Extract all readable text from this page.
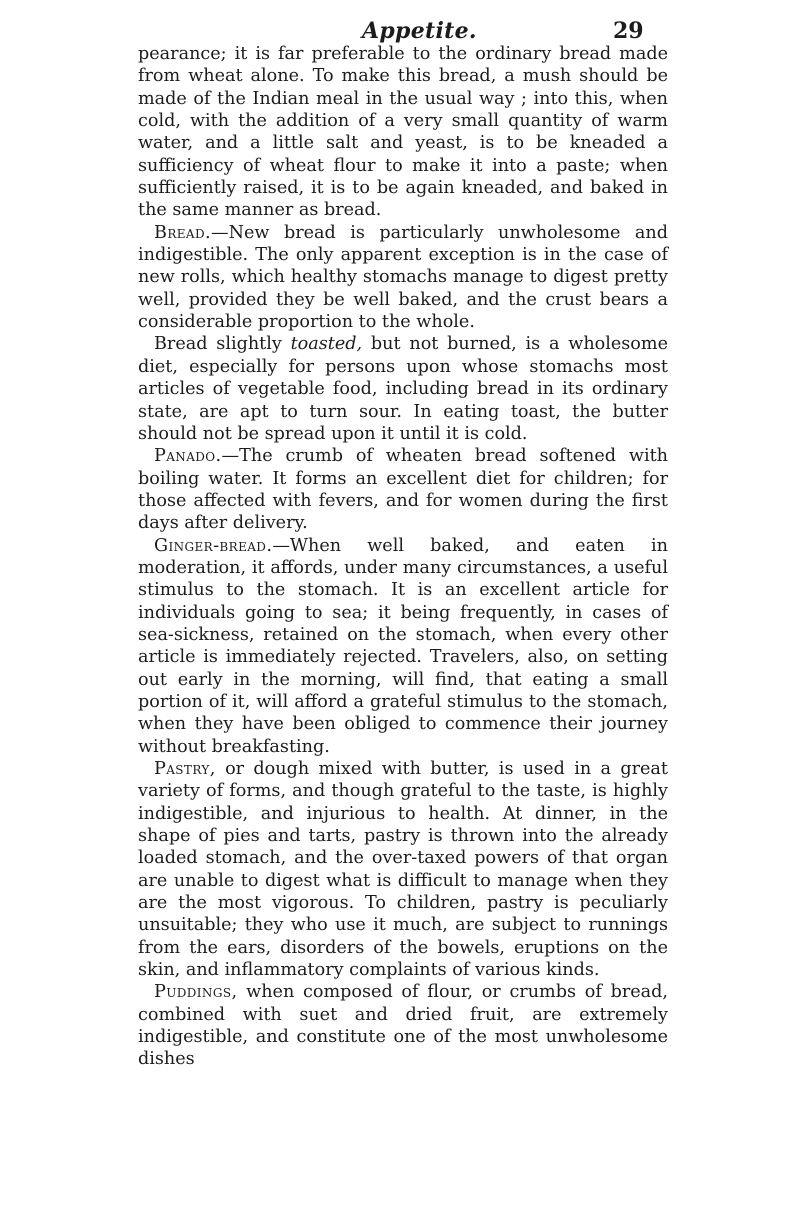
Appetite.	29

pearance; it is far preferable to the ordinary bread made from wheat alone. To make this bread, a mush should be made of the Indian meal in the usual way ; into this, when cold, with the addition of a very small quantity of warm water, and a little salt and yeast, is to be kneaded a sufficiency of wheat flour to make it into a paste; when sufficiently raised, it is to be again kneaded, and baked in the same manner as bread.

Bread.—New bread is particularly unwholesome and indigestible. The only apparent exception is in the case of new rolls, which healthy stomachs manage to digest pretty well, provided they be well baked, and the crust bears a considerable proportion to the whole.

Bread slightly toasted, but not burned, is a wholesome diet, especially for persons upon whose stomachs most articles of vegetable food, including bread in its ordinary state, are apt to turn sour. In eating toast, the butter should not be spread upon it until it is cold.

Panado.—The crumb of wheaten bread softened with boiling water. It forms an excellent diet for children; for those affected with fevers, and for women during the first days after delivery.

Ginger-bread.—When well baked, and eaten in moderation, it affords, under many circumstances, a useful stimulus to the stomach. It is an excellent article for individuals going to sea; it being frequently, in cases of sea-sickness, retained on the stomach, when every other article is immediately rejected. Travelers, also, on setting out early in the morning, will find, that eating a small portion of it, will afford a grateful stimulus to the stomach, when they have been obliged to commence their journey without breakfasting.

Pastry, or dough mixed with butter, is used in a great variety of forms, and though grateful to the taste, is highly indigestible, and injurious to health. At dinner, in the shape of pies and tarts, pastry is thrown into the already loaded stomach, and the over-taxed powers of that organ are unable to digest what is difficult to manage when they are the most vigorous. To children, pastry is peculiarly unsuitable; they who use it much, are subject to runnings from the ears, disorders of the bowels, eruptions on the skin, and inflammatory complaints of various kinds.

Puddings, when composed of flour, or crumbs of bread, combined with suet and dried fruit, are extremely indigestible, and constitute one of the most unwholesome dishes
